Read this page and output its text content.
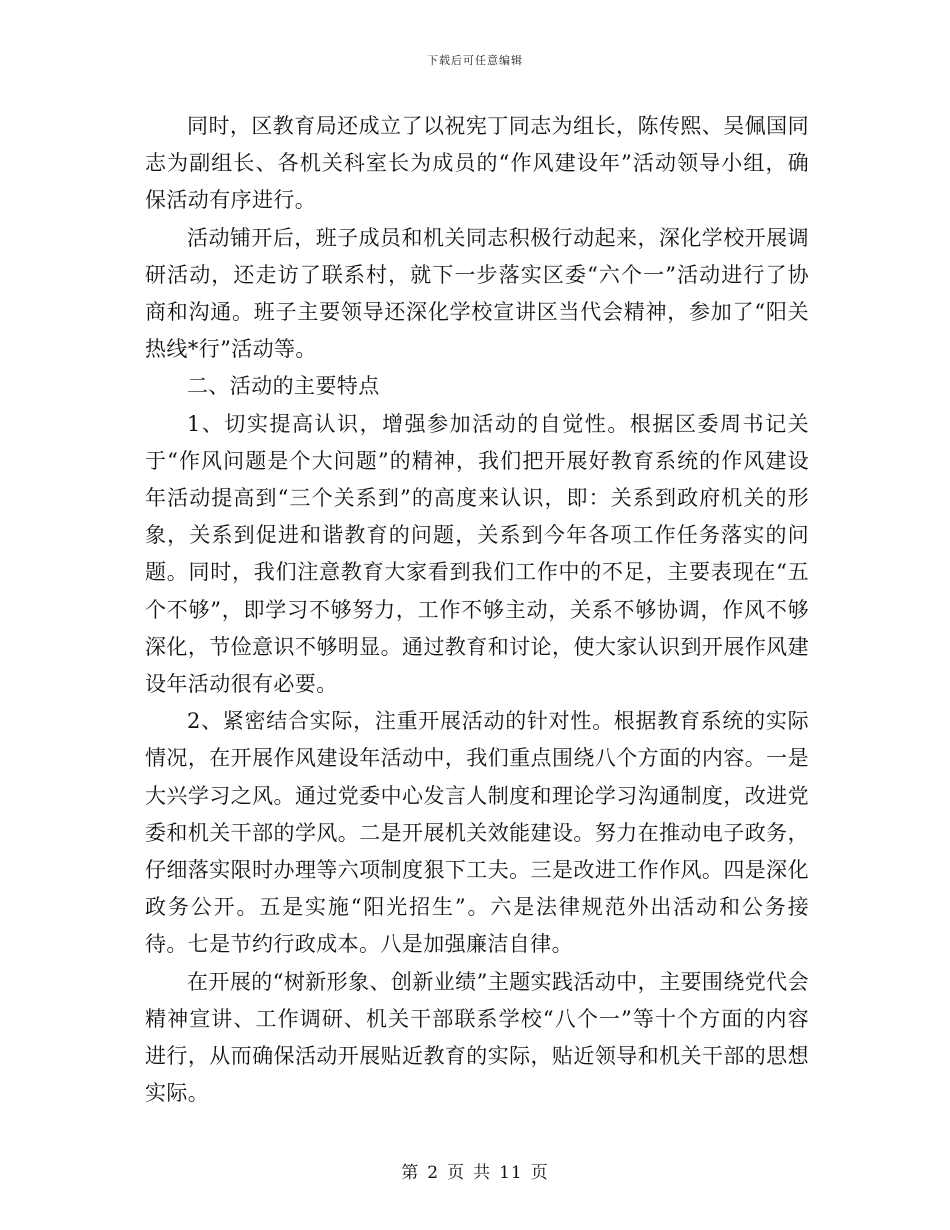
下载后可任意编辑

同时，区教育局还成立了以祝宪丁同志为组长，陈传熙、吴佩国同志为副组长、各机关科室长为成员的“作风建设年”活动领导小组，确保活动有序进行。

活动铺开后，班子成员和机关同志积极行动起来，深化学校开展调研活动，还走访了联系村，就下一步落实区委“六个一”活动进行了协商和沟通。班子主要领导还深化学校宣讲区当代会精神，参加了“阳关热线*行”活动等。

二、活动的主要特点

1、切实提高认识，增强参加活动的自觉性。根据区委周书记关于“作风问题是个大问题”的精神，我们把开展好教育系统的作风建设年活动提高到“三个关系到”的高度来认识，即：关系到政府机关的形象，关系到促进和谐教育的问题，关系到今年各项工作任务落实的问题。同时，我们注意教育大家看到我们工作中的不足，主要表现在“五个不够”，即学习不够努力，工作不够主动，关系不够协调，作风不够深化，节俭意识不够明显。通过教育和讨论，使大家认识到开展作风建设年活动很有必要。

2、紧密结合实际，注重开展活动的针对性。根据教育系统的实际情况，在开展作风建设年活动中，我们重点围绕八个方面的内容。一是大兴学习之风。通过党委中心发言人制度和理论学习沟通制度，改进党委和机关干部的学风。二是开展机关效能建设。努力在推动电子政务，仔细落实限时办理等六项制度狠下工夫。三是改进工作作风。四是深化政务公开。五是实施“阳光招生”。六是法律规范外出活动和公务接待。七是节约行政成本。八是加强廉洁自律。

在开展的“树新形象、创新业绩”主题实践活动中，主要围绕党代会精神宣讲、工作调研、机关干部联系学校“八个一”等十个方面的内容进行，从而确保活动开展贴近教育的实际，贴近领导和机关干部的思想实际。

第 2 页 共 11 页
